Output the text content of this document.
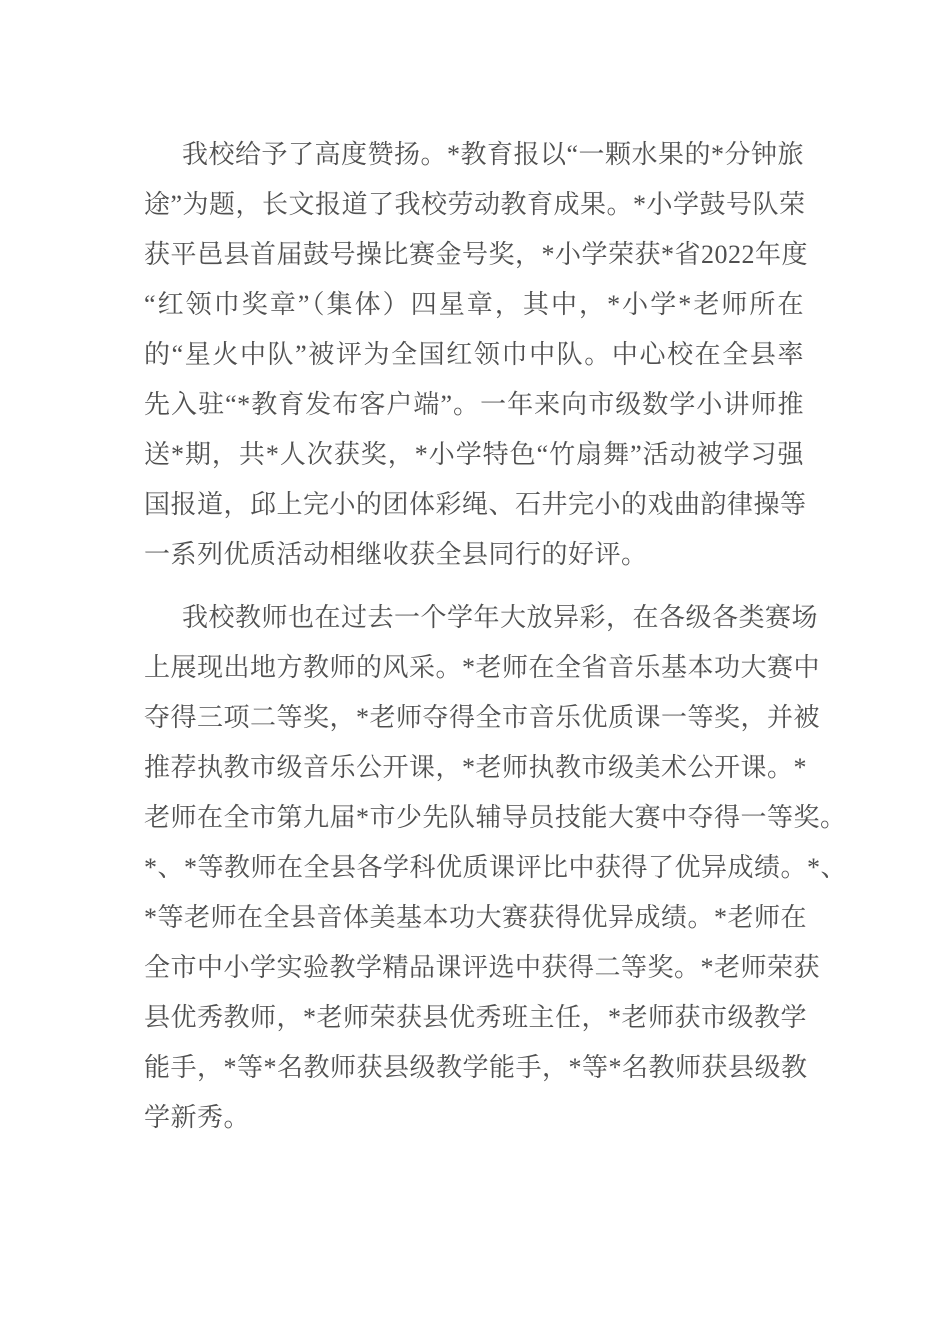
我校给予了高度赞扬。*教育报以“一颗水果的*分钟旅
途”为题，长文报道了我校劳动教育成果。*小学鼓号队荣
获平邑县首届鼓号操比赛金号奖，*小学荣获*省2022年度
“红领巾奖章”（集体）四星章，其中，*小学*老师所在
的“星火中队”被评为全国红领巾中队。中心校在全县率
先入驻“*教育发布客户端”。一年来向市级数学小讲师推
送*期，共*人次获奖，*小学特色“竹扇舞”活动被学习强
国报道，邱上完小的团体彩绳、石井完小的戏曲韵律操等
一系列优质活动相继收获全县同行的好评。
我校教师也在过去一个学年大放异彩，在各级各类赛场
上展现出地方教师的风采。*老师在全省音乐基本功大赛中
夺得三项二等奖，*老师夺得全市音乐优质课一等奖，并被
推荐执教市级音乐公开课，*老师执教市级美术公开课。*
老师在全市第九届*市少先队辅导员技能大赛中夺得一等奖。
*、*等教师在全县各学科优质课评比中获得了优异成绩。*、
*等老师在全县音体美基本功大赛获得优异成绩。*老师在
全市中小学实验教学精品课评选中获得二等奖。*老师荣获
县优秀教师，*老师荣获县优秀班主任，*老师获市级教学
能手，*等*名教师获县级教学能手，*等*名教师获县级教
学新秀。
